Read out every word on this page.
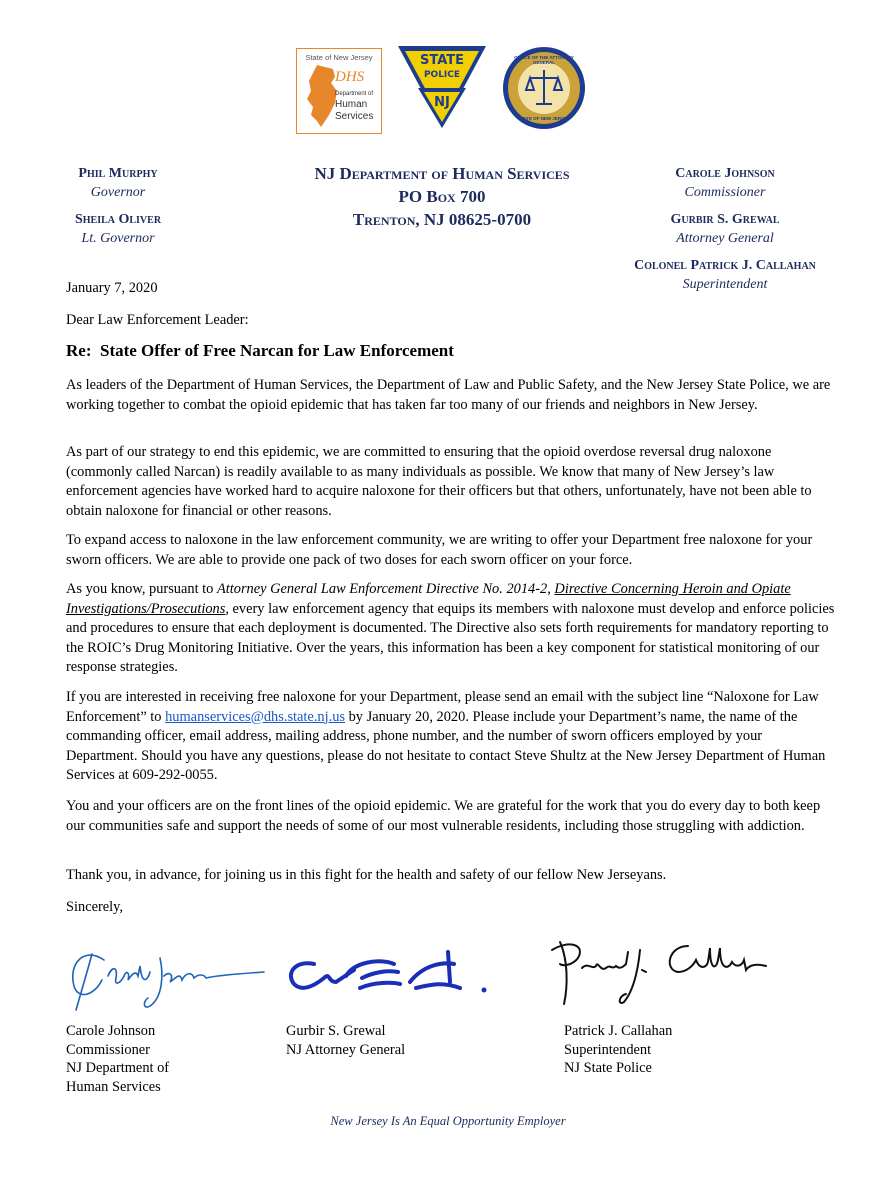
State of New Jersey
DHS
Department of
Human
Services
STATE
POLICE
NJ
OFFICE OF THE ATTORNEY GENERAL
STATE OF NEW JERSEY
Phil Murphy
Governor
Sheila Oliver
Lt. Governor
NJ Department of Human Services
PO Box 700
Trenton, NJ 08625-0700
Carole Johnson
Commissioner
Gurbir S. Grewal
Attorney General
Colonel Patrick J. Callahan
Superintendent
January 7, 2020
Dear Law Enforcement Leader:
Re:  State Offer of Free Narcan for Law Enforcement

As leaders of the Department of Human Services, the Department of Law and Public Safety, and the New Jersey State Police, we are working together to combat the opioid epidemic that has taken far too many of our friends and neighbors in New Jersey.

As part of our strategy to end this epidemic, we are committed to ensuring that the opioid overdose reversal drug naloxone (commonly called Narcan) is readily available to as many individuals as possible. We know that many of New Jersey’s law enforcement agencies have worked hard to acquire naloxone for their officers but that others, unfortunately, have not been able to obtain naloxone for financial or other reasons.

To expand access to naloxone in the law enforcement community, we are writing to offer your Department free naloxone for your sworn officers. We are able to provide one pack of two doses for each sworn officer on your force.

As you know, pursuant to Attorney General Law Enforcement Directive No. 2014-2, Directive Concerning Heroin and Opiate Investigations/Prosecutions, every law enforcement agency that equips its members with naloxone must develop and enforce policies and procedures to ensure that each deployment is documented. The Directive also sets forth requirements for mandatory reporting to the ROIC’s Drug Monitoring Initiative. Over the years, this information has been a key component for statistical monitoring of our response strategies.

If you are interested in receiving free naloxone for your Department, please send an email with the subject line “Naloxone for Law Enforcement” to humanservices@dhs.state.nj.us by January 20, 2020. Please include your Department’s name, the name of the commanding officer, email address, mailing address, phone number, and the number of sworn officers employed by your Department. Should you have any questions, please do not hesitate to contact Steve Shultz at the New Jersey Department of Human Services at 609-292-0055.

You and your officers are on the front lines of the opioid epidemic. We are grateful for the work that you do every day to both keep our communities safe and support the needs of some of our most vulnerable residents, including those struggling with addiction.

Thank you, in advance, for joining us in this fight for the health and safety of our fellow New Jerseyans.

Sincerely,
Carole Johnson
Commissioner
NJ Department of
Human Services
Gurbir S. Grewal
NJ Attorney General
Patrick J. Callahan
Superintendent
NJ State Police
New Jersey Is An Equal Opportunity Employer
